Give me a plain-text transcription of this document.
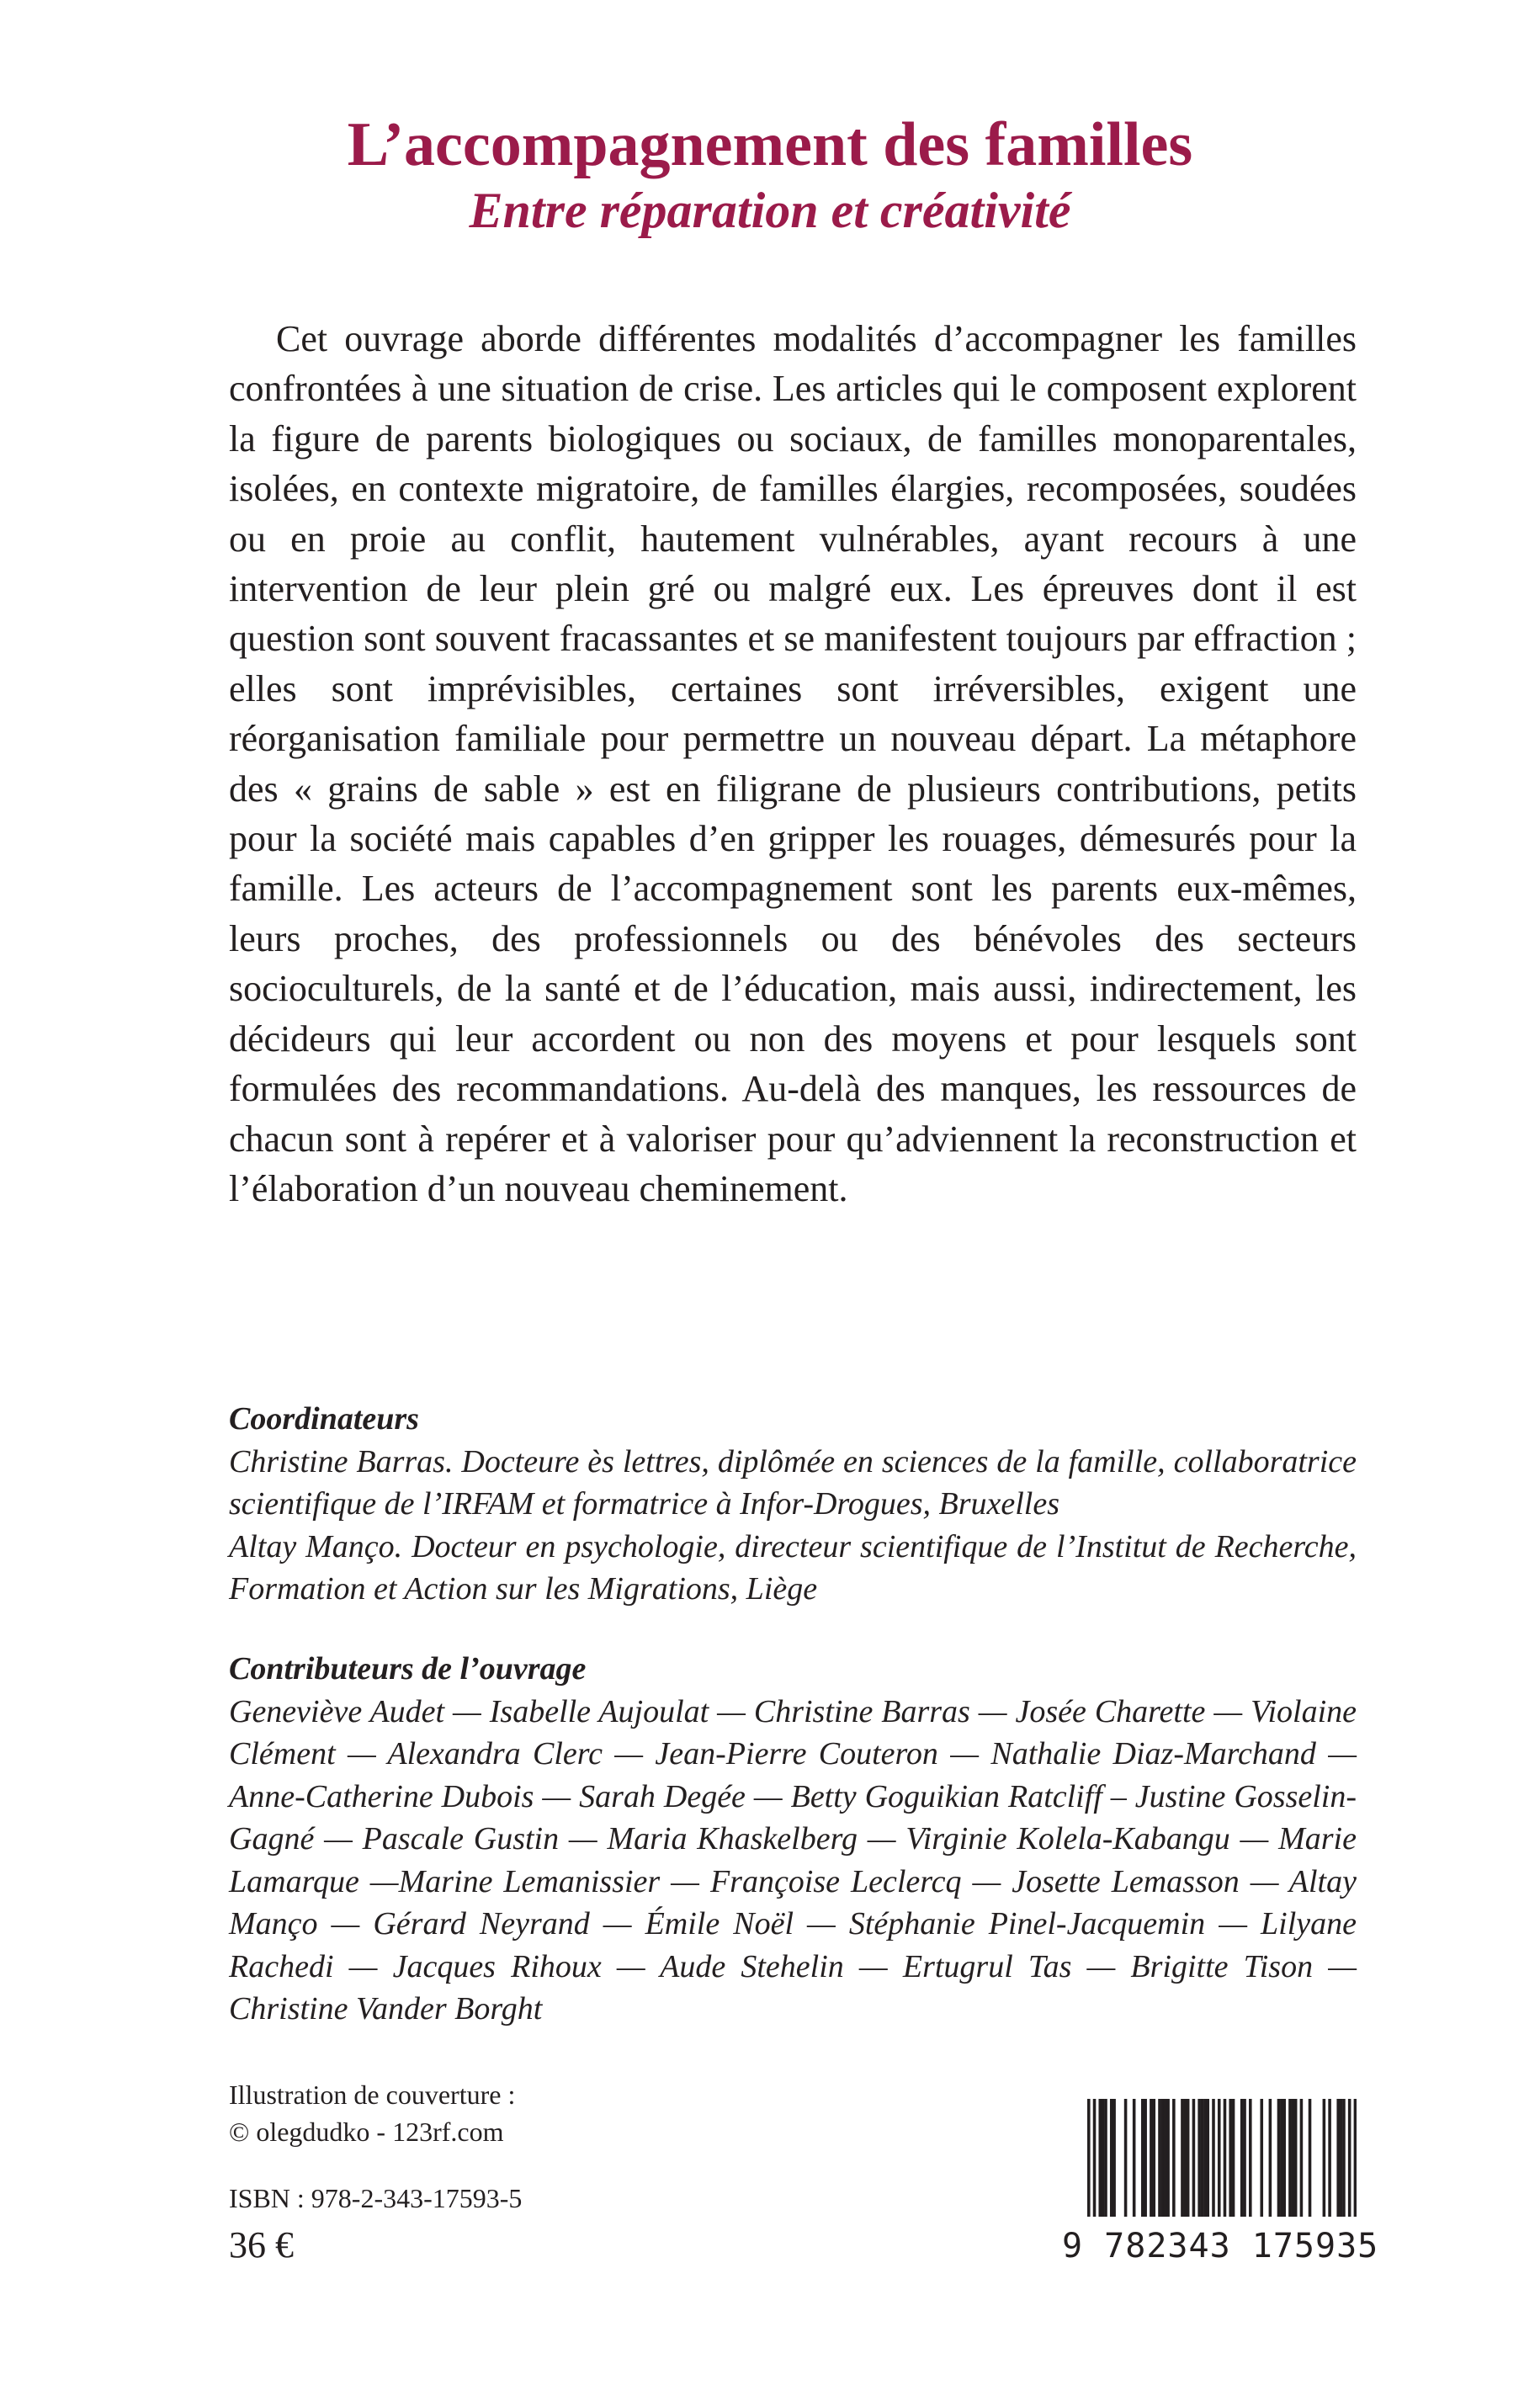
L’accompagnement des familles
Entre réparation et créativité

Cet ouvrage aborde différentes modalités d’accompagner les familles confrontées à une situation de crise. Les articles qui le composent explorent la figure de parents biologiques ou sociaux, de familles monoparentales, isolées, en contexte migratoire, de familles élargies, recomposées, soudées ou en proie au conflit, hautement vulnérables, ayant recours à une intervention de leur plein gré ou malgré eux. Les épreuves dont il est question sont souvent fracassantes et se manifestent toujours par effraction ; elles sont imprévisibles, certaines sont irréversibles, exigent une réorganisation familiale pour permettre un nouveau départ. La métaphore des « grains de sable » est en filigrane de plusieurs contributions, petits pour la société mais capables d’en gripper les rouages, démesurés pour la famille. Les acteurs de l’accompagnement sont les parents eux-mêmes, leurs proches, des professionnels ou des bénévoles des secteurs socioculturels, de la santé et de l’éducation, mais aussi, indirectement, les décideurs qui leur accordent ou non des moyens et pour lesquels sont formulées des recommandations. Au-delà des manques, les ressources de chacun sont à repérer et à valoriser pour qu’adviennent la reconstruction et l’élaboration d’un nouveau cheminement.

Coordinateurs

Christine Barras. Docteure ès lettres, diplômée en sciences de la famille, collaboratrice scientifique de l’IRFAM et formatrice à Infor-Drogues, Bruxelles

Altay Mançо. Docteur en psychologie, directeur scientifique de l’Institut de Recherche, Formation et Action sur les Migrations, Liège

Contributeurs de l’ouvrage

Geneviève Audet — Isabelle Aujoulat — Christine Barras — Josée Charette — Violaine Clément — Alexandra Clerc — Jean-Pierre Couteron — Nathalie Diaz-Marchand — Anne-Catherine Dubois — Sarah Degée — Betty Goguikian Ratcliff – Justine Gosselin-Gagné — Pascale Gustin — Maria Khaskelberg — Virginie Kolela-Kabangu — Marie Lamarque —Marine Lemanissier — Françoise Leclercq — Josette Lemasson — Altay Mançо — Gérard Neyrand — Émile Noël — Stéphanie Pinel-Jacquemin — Lilyane Rachedi — Jacques Rihoux — Aude Stehelin — Ertugrul Tas — Brigitte Tison — Christine Vander Borght

Illustration de couverture :
© olegdudko - 123rf.com
ISBN : 978-2-343-17593-5
36 €	9 782343 175935
